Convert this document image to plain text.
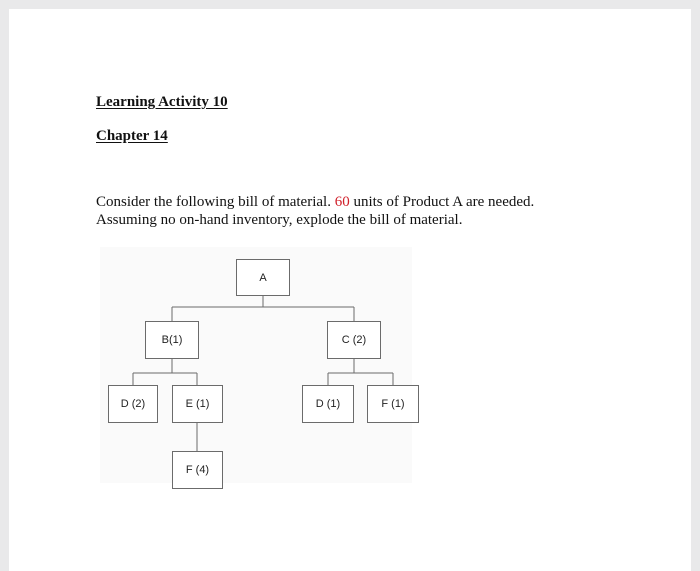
Learning Activity 10
Chapter 14
Consider the following bill of material. 60 units of Product A are needed.
Assuming no on-hand inventory, explode the bill of material.
A
B(1)	C (2)
D (2)	E (1)	D (1)	F (1)
F (4)
